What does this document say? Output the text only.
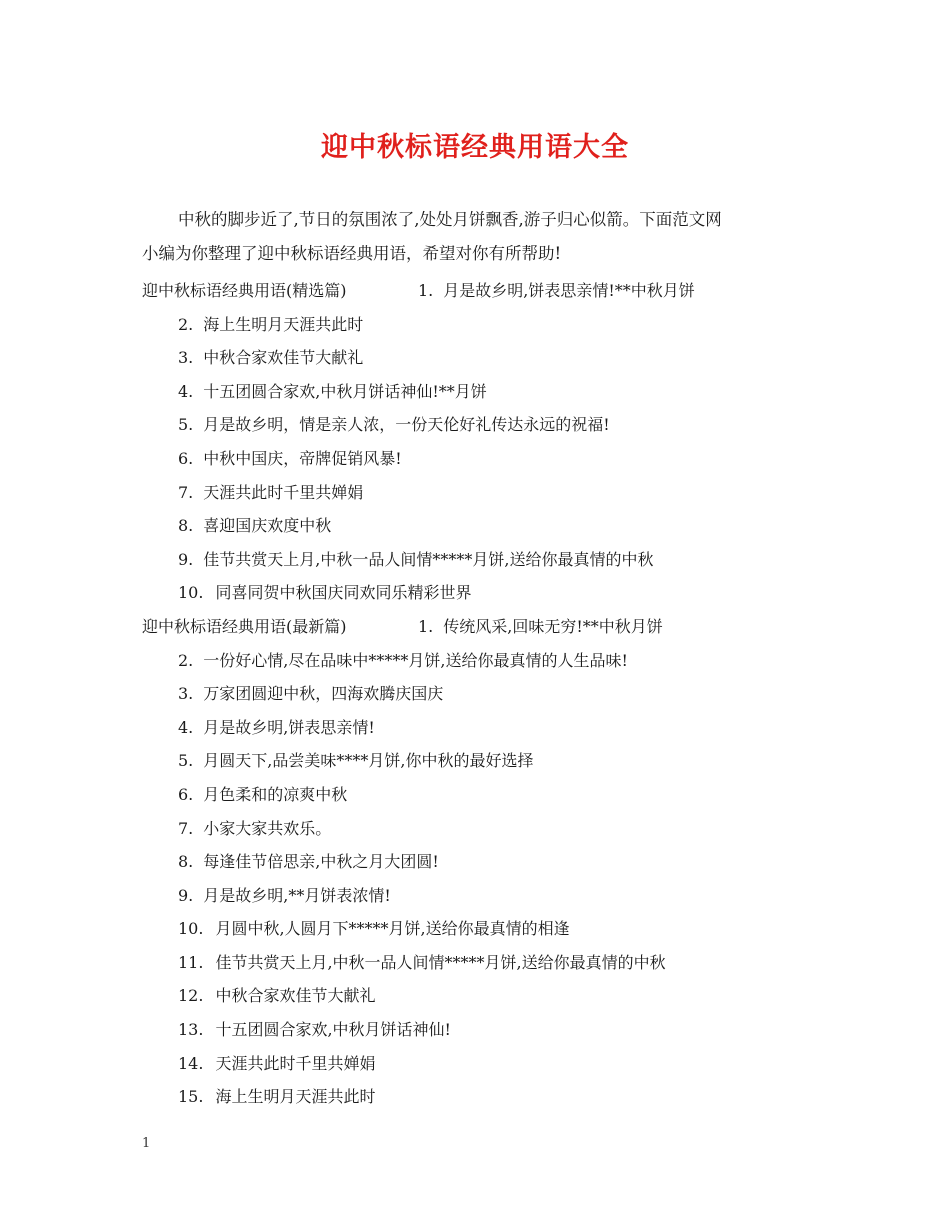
迎中秋标语经典用语大全
中秋的脚步近了,节日的氛围浓了,处处月饼飘香,游子归心似箭。下面范文网
小编为你整理了迎中秋标语经典用语，希望对你有所帮助!
迎中秋标语经典用语(精选篇)	1. 月是故乡明,饼表思亲情!**中秋月饼
2. 海上生明月天涯共此时
3. 中秋合家欢佳节大献礼
4. 十五团圆合家欢,中秋月饼话神仙!**月饼
5. 月是故乡明，情是亲人浓，一份天伦好礼传达永远的祝福!
6. 中秋中国庆，帝牌促销风暴!
7. 天涯共此时千里共婵娟
8. 喜迎国庆欢度中秋
9. 佳节共赏天上月,中秋一品人间情*****月饼,送给你最真情的中秋
10. 同喜同贺中秋国庆同欢同乐精彩世界
迎中秋标语经典用语(最新篇)	1. 传统风采,回味无穷!**中秋月饼
2. 一份好心情,尽在品味中*****月饼,送给你最真情的人生品味!
3. 万家团圆迎中秋，四海欢腾庆国庆
4. 月是故乡明,饼表思亲情!
5. 月圆天下,品尝美味****月饼,你中秋的最好选择
6. 月色柔和的凉爽中秋
7. 小家大家共欢乐。
8. 每逢佳节倍思亲,中秋之月大团圆!
9. 月是故乡明,**月饼表浓情!
10. 月圆中秋,人圆月下*****月饼,送给你最真情的相逢
11. 佳节共赏天上月,中秋一品人间情*****月饼,送给你最真情的中秋
12. 中秋合家欢佳节大献礼
13. 十五团圆合家欢,中秋月饼话神仙!
14. 天涯共此时千里共婵娟
15. 海上生明月天涯共此时
1
